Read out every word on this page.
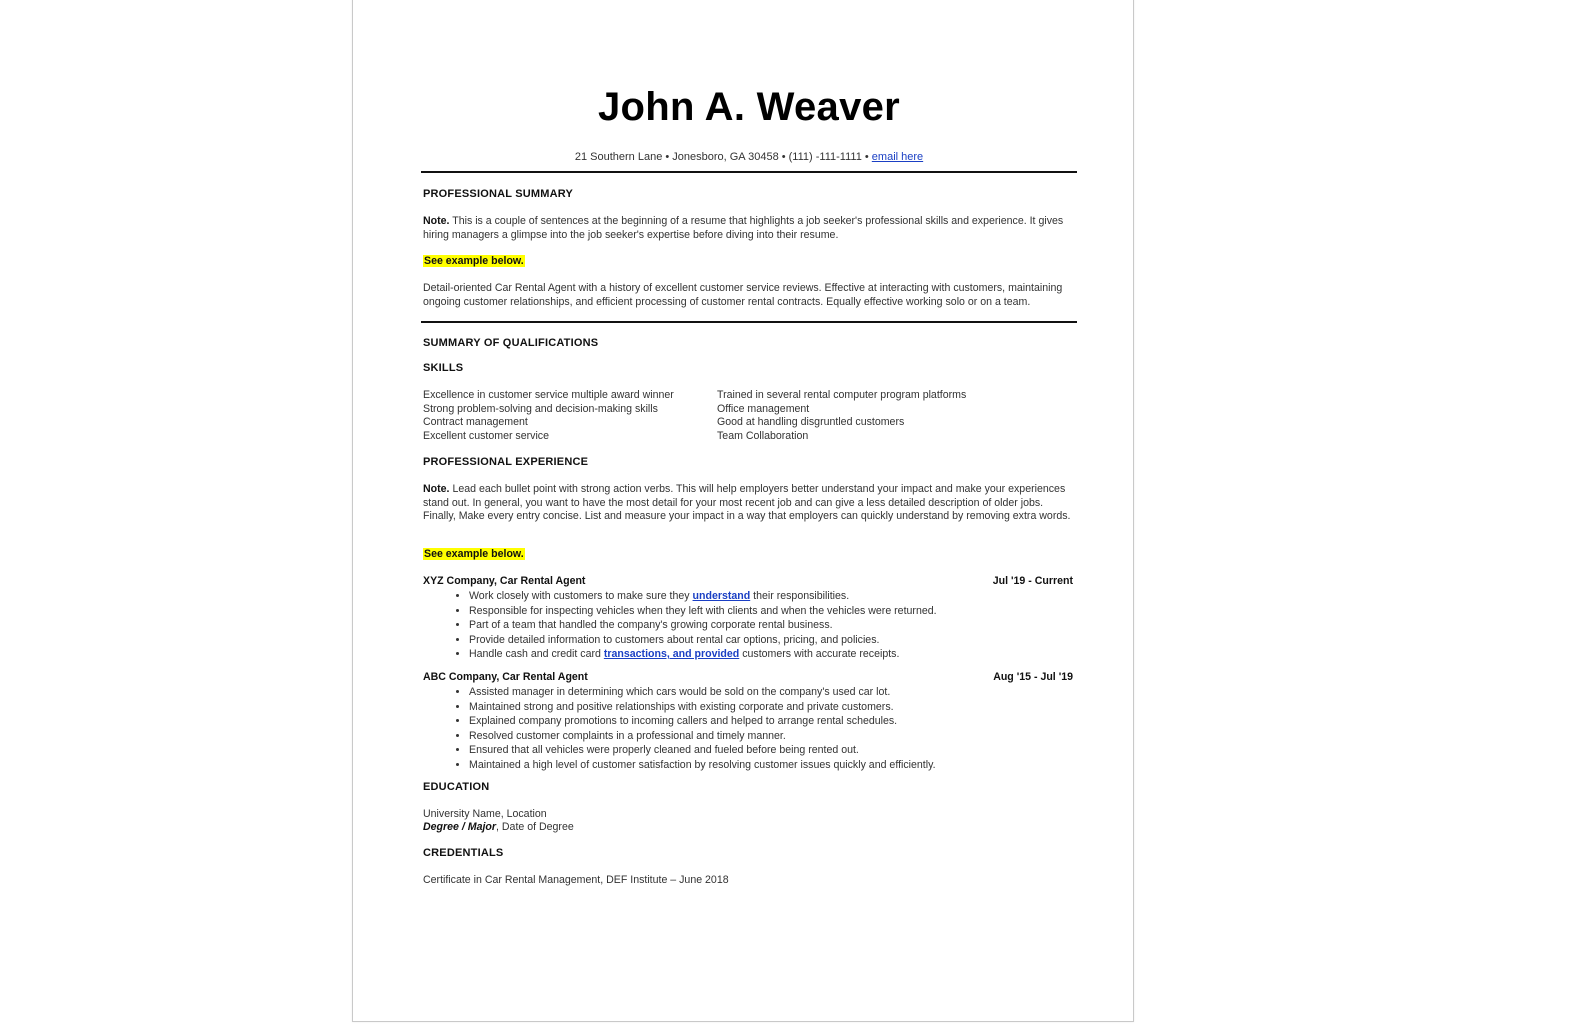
John A. Weaver
21 Southern Lane • Jonesboro, GA 30458 • (111) -111-1111 • email here
PROFESSIONAL SUMMARY
Note. This is a couple of sentences at the beginning of a resume that highlights a job seeker's professional skills and experience. It gives hiring managers a glimpse into the job seeker's expertise before diving into their resume.
See example below.
Detail-oriented Car Rental Agent with a history of excellent customer service reviews. Effective at interacting with customers, maintaining ongoing customer relationships, and efficient processing of customer rental contracts. Equally effective working solo or on a team.
SUMMARY OF QUALIFICATIONS
SKILLS
Excellence in customer service multiple award winner
Strong problem-solving and decision-making skills
Contract management
Excellent customer service
Trained in several rental computer program platforms
Office management
Good at handling disgruntled customers
Team Collaboration
PROFESSIONAL EXPERIENCE
Note. Lead each bullet point with strong action verbs. This will help employers better understand your impact and make your experiences stand out. In general, you want to have the most detail for your most recent job and can give a less detailed description of older jobs. Finally, Make every entry concise. List and measure your impact in a way that employers can quickly understand by removing extra words.
See example below.
XYZ Company, Car Rental Agent	Jul '19 - Current
• Work closely with customers to make sure they understand their responsibilities.
• Responsible for inspecting vehicles when they left with clients and when the vehicles were returned.
• Part of a team that handled the company's growing corporate rental business.
• Provide detailed information to customers about rental car options, pricing, and policies.
• Handle cash and credit card transactions, and provided customers with accurate receipts.
ABC Company, Car Rental Agent	Aug '15 - Jul '19
• Assisted manager in determining which cars would be sold on the company's used car lot.
• Maintained strong and positive relationships with existing corporate and private customers.
• Explained company promotions to incoming callers and helped to arrange rental schedules.
• Resolved customer complaints in a professional and timely manner.
• Ensured that all vehicles were properly cleaned and fueled before being rented out.
• Maintained a high level of customer satisfaction by resolving customer issues quickly and efficiently.
EDUCATION
University Name, Location
Degree / Major, Date of Degree
CREDENTIALS
Certificate in Car Rental Management, DEF Institute – June 2018
